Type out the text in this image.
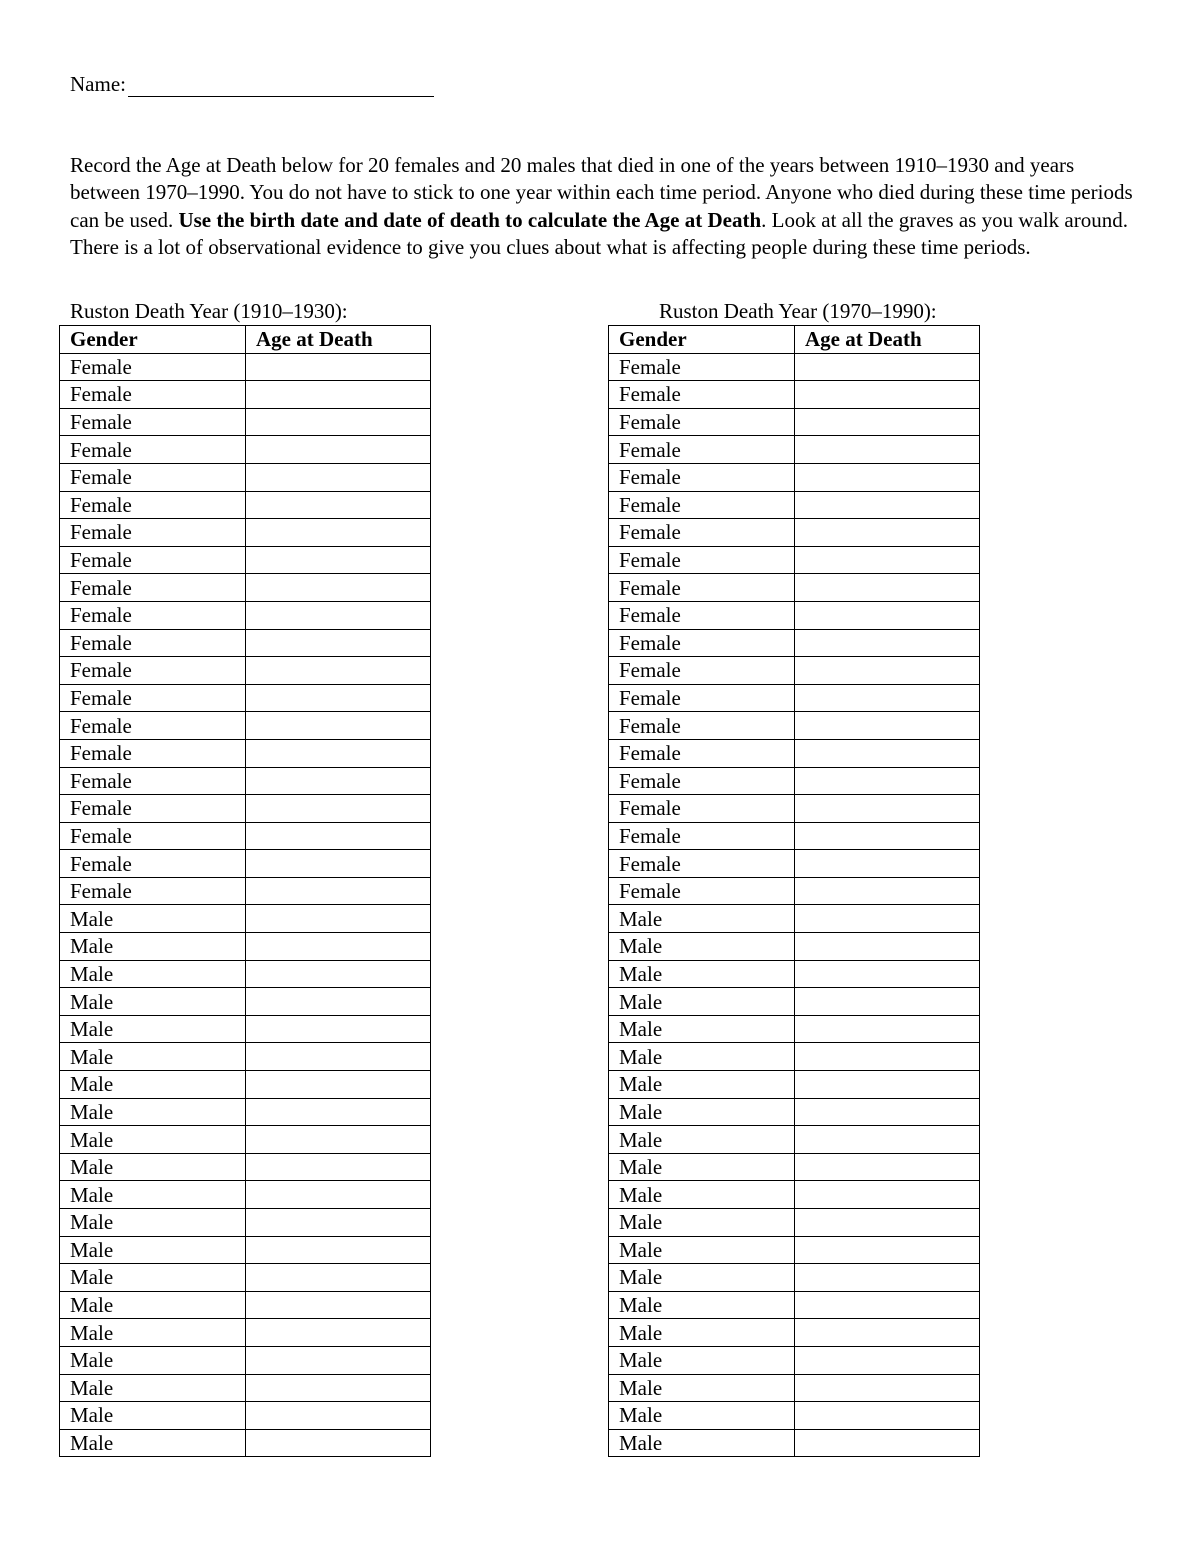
Name:
Record the Age at Death below for 20 females and 20 males that died in one of the years between 1910–1930 and years between 1970–1990. You do not have to stick to one year within each time period. Anyone who died during these time periods can be used. Use the birth date and date of death to calculate the Age at Death. Look at all the graves as you walk around. There is a lot of observational evidence to give you clues about what is affecting people during these time periods.
Ruston Death Year (1910–1930):
Gender	Age at Death
Female	
Female	
Female	
Female	
Female	
Female	
Female	
Female	
Female	
Female	
Female	
Female	
Female	
Female	
Female	
Female	
Female	
Female	
Female	
Female	
Male	
Male	
Male	
Male	
Male	
Male	
Male	
Male	
Male	
Male	
Male	
Male	
Male	
Male	
Male	
Male	
Male	
Male	
Male	
Male	
Ruston Death Year (1970–1990):
Gender	Age at Death
Female	
Female	
Female	
Female	
Female	
Female	
Female	
Female	
Female	
Female	
Female	
Female	
Female	
Female	
Female	
Female	
Female	
Female	
Female	
Female	
Male	
Male	
Male	
Male	
Male	
Male	
Male	
Male	
Male	
Male	
Male	
Male	
Male	
Male	
Male	
Male	
Male	
Male	
Male	
Male	
